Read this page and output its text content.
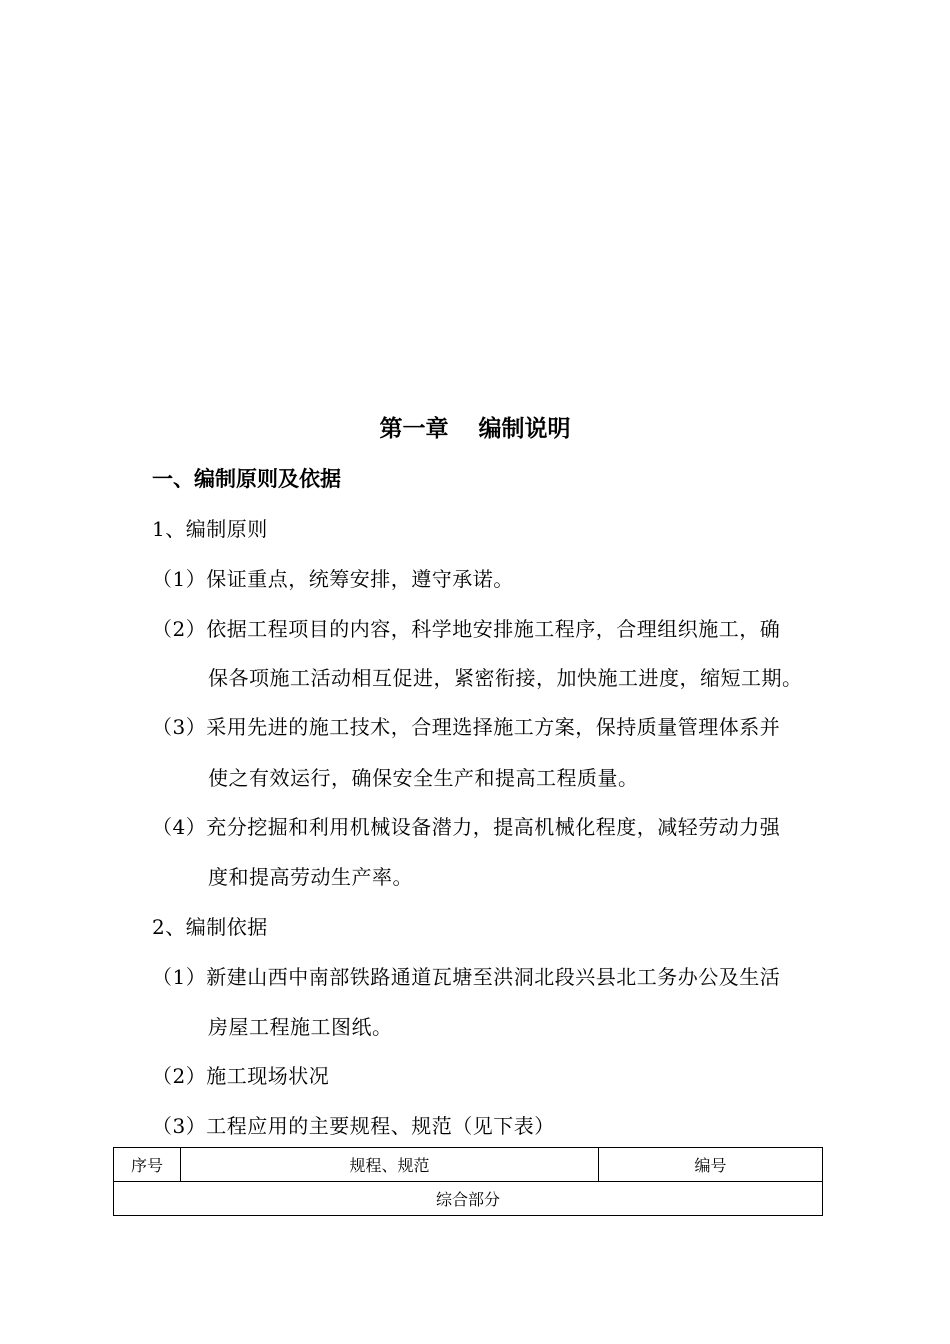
第一章 编制说明
一、编制原则及依据
1、编制原则
（1）保证重点，统筹安排，遵守承诺。
（2）依据工程项目的内容，科学地安排施工程序，合理组织施工，确
保各项施工活动相互促进，紧密衔接，加快施工进度，缩短工期。
（3）采用先进的施工技术，合理选择施工方案，保持质量管理体系并
使之有效运行，确保安全生产和提高工程质量。
（4）充分挖掘和利用机械设备潜力，提高机械化程度，减轻劳动力强
度和提高劳动生产率。
2、编制依据
（1）新建山西中南部铁路通道瓦塘至洪洞北段兴县北工务办公及生活
房屋工程施工图纸。
（2）施工现场状况
（3）工程应用的主要规程、规范（见下表）
序号	规程、规范	编号
综合部分
